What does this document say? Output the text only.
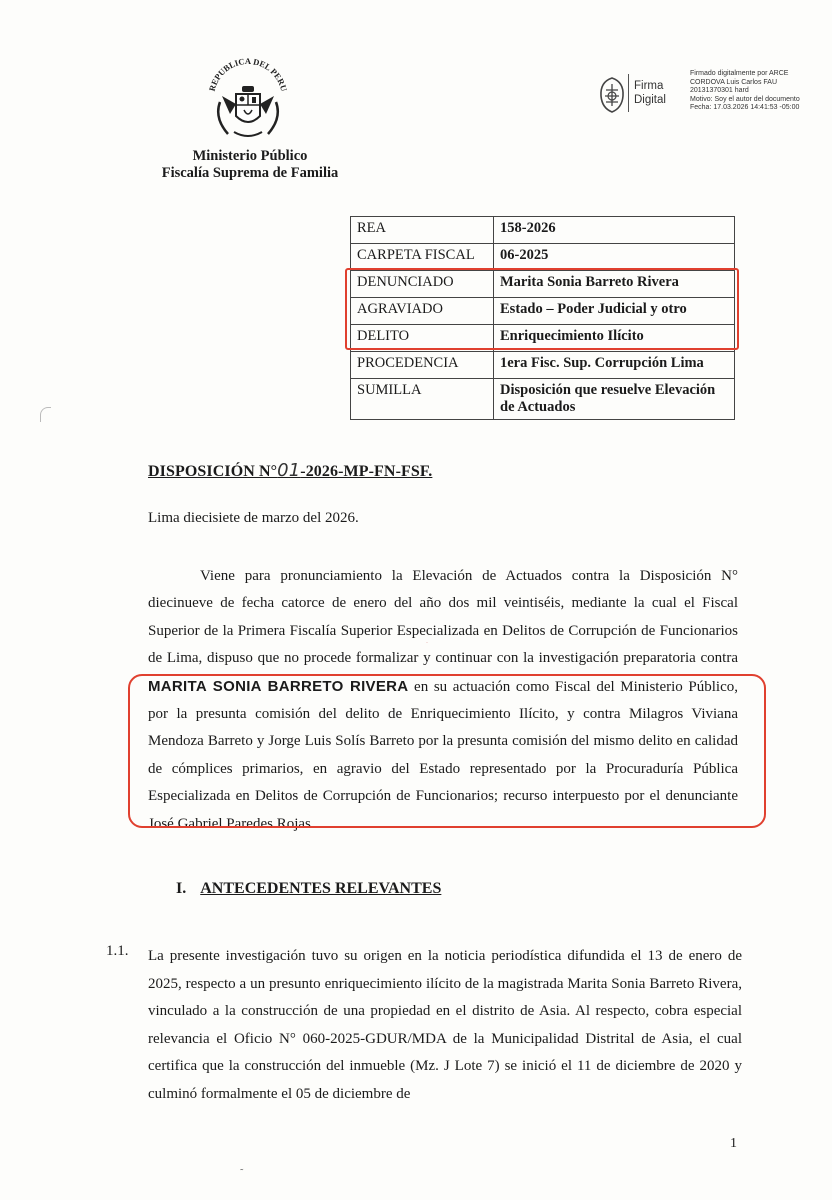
REPUBLICA DEL PERU
Ministerio Público
Fiscalía Suprema de Familia
Firma
Digital
Firmado digitalmente por ARCE
CORDOVA Luis Carlos FAU
20131370301 hard
Motivo: Soy el autor del documento
Fecha: 17.03.2026 14:41:53 -05:00
REA	158-2026
CARPETA FISCAL	06-2025
DENUNCIADO	Marita Sonia Barreto Rivera
AGRAVIADO	Estado – Poder Judicial y otro
DELITO	Enriquecimiento Ilícito
PROCEDENCIA	1era Fisc. Sup. Corrupción Lima
SUMILLA	Disposición que resuelve Elevación de Actuados
DISPOSICIÓN N°01-2026-MP-FN-FSF.
Lima diecisiete de marzo del 2026.

Viene para pronunciamiento la Elevación de Actuados contra la Disposición N° diecinueve de fecha catorce de enero del año dos mil veintiséis, mediante la cual el Fiscal Superior de la Primera Fiscalía Superior Especializada en Delitos de Corrupción de Funcionarios de Lima, dispuso que no procede formalizar y continuar con la investigación preparatoria contra MARITA SONIA BARRETO RIVERA en su actuación como Fiscal del Ministerio Público, por la presunta comisión del delito de Enriquecimiento Ilícito, y contra Milagros Viviana Mendoza Barreto y Jorge Luis Solís Barreto por la presunta comisión del mismo delito en calidad de cómplices primarios, en agravio del Estado representado por la Procuraduría Pública Especializada en Delitos de Corrupción de Funcionarios; recurso interpuesto por el denunciante José Gabriel Paredes Rojas.

·
I. ANTECEDENTES RELEVANTES
1.1. La presente investigación tuvo su origen en la noticia periodística difundida el 13 de enero de 2025, respecto a un presunto enriquecimiento ilícito de la magistrada Marita Sonia Barreto Rivera, vinculado a la construcción de una propiedad en el distrito de Asia. Al respecto, cobra especial relevancia el Oficio N° 060-2025-GDUR/MDA de la Municipalidad Distrital de Asia, el cual certifica que la construcción del inmueble (Mz. J Lote 7) se inició el 11 de diciembre de 2020 y culminó formalmente el 05 de diciembre de

1
˜
